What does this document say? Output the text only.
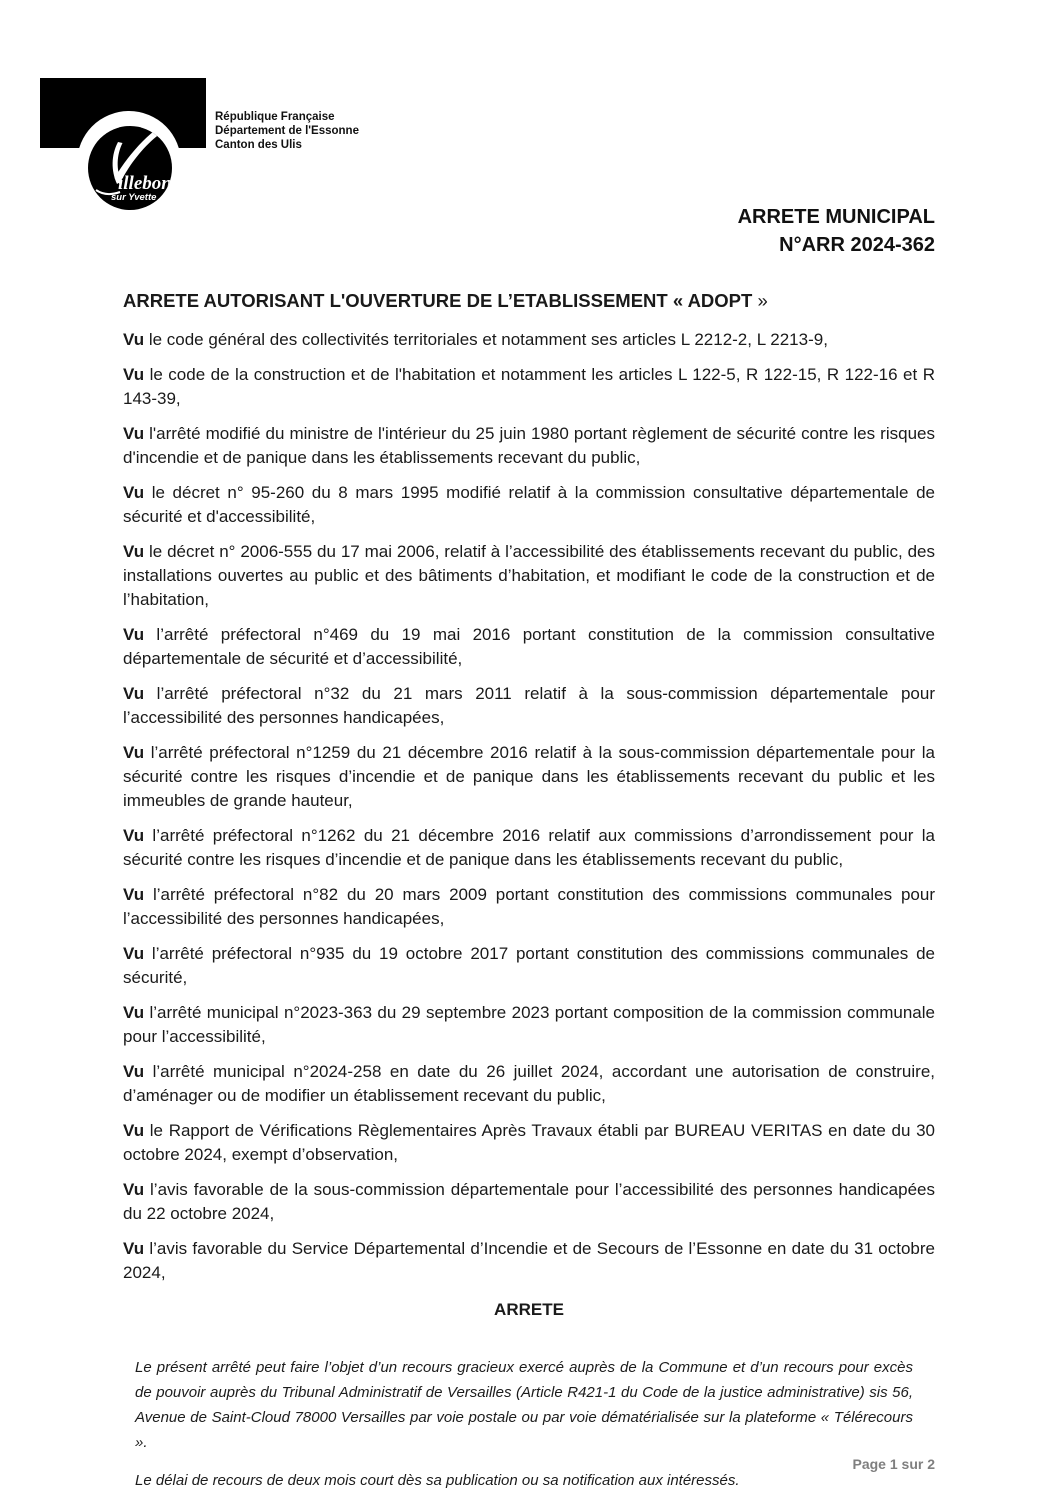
illebon
sur Yvette
République Française
Département de l'Essonne
Canton des Ulis
ARRETE MUNICIPAL
N°ARR 2024-362

ARRETE AUTORISANT L'OUVERTURE DE L’ETABLISSEMENT « ADOPT »

Vu le code général des collectivités territoriales et notamment ses articles L 2212-2, L 2213-9,

Vu le code de la construction et de l'habitation et notamment les articles L 122-5, R 122-15, R 122-16 et R 143-39,

Vu l'arrêté modifié du ministre de l'intérieur du 25 juin 1980 portant règlement de sécurité contre les risques d'incendie et de panique dans les établissements recevant du public,

Vu le décret n° 95-260 du 8 mars 1995 modifié relatif à la commission consultative départementale de sécurité et d'accessibilité,

Vu le décret n° 2006-555 du 17 mai 2006, relatif à l’accessibilité des établissements recevant du public, des installations ouvertes au public et des bâtiments d’habitation, et modifiant le code de la construction et de l’habitation,

Vu l’arrêté préfectoral n°469 du 19 mai 2016 portant constitution de la commission consultative départementale de sécurité et d’accessibilité,

Vu l’arrêté préfectoral n°32 du 21 mars 2011 relatif à la sous-commission départementale pour l’accessibilité des personnes handicapées,

Vu l’arrêté préfectoral n°1259 du 21 décembre 2016 relatif à la sous-commission départementale pour la sécurité contre les risques d’incendie et de panique dans les établissements recevant du public et les immeubles de grande hauteur,

Vu l’arrêté préfectoral n°1262 du 21 décembre 2016 relatif aux commissions d’arrondissement pour la sécurité contre les risques d’incendie et de panique dans les établissements recevant du public,

Vu l’arrêté préfectoral n°82 du 20 mars 2009 portant constitution des commissions communales pour l’accessibilité des personnes handicapées,

Vu l’arrêté préfectoral n°935 du 19 octobre 2017 portant constitution des commissions communales de sécurité,

Vu l’arrêté municipal n°2023-363 du 29 septembre 2023 portant composition de la commission communale pour l’accessibilité,

Vu l’arrêté municipal n°2024-258 en date du 26 juillet 2024, accordant une autorisation de construire, d’aménager ou de modifier un établissement recevant du public,

Vu le Rapport de Vérifications Règlementaires Après Travaux établi par BUREAU VERITAS en date du 30 octobre 2024, exempt d’observation,

Vu l’avis favorable de la sous-commission départementale pour l’accessibilité des personnes handicapées du 22 octobre 2024,

Vu l’avis favorable du Service Départemental d’Incendie et de Secours de l’Essonne en date du 31 octobre 2024,

ARRETE

Le présent arrêté peut faire l’objet d’un recours gracieux exercé auprès de la Commune et d’un recours pour excès de pouvoir auprès du Tribunal Administratif de Versailles (Article R421-1 du Code de la justice administrative) sis 56, Avenue de Saint-Cloud 78000 Versailles par voie postale ou par voie dématérialisée sur la plateforme « Télérecours ».

Le délai de recours de deux mois court dès sa publication ou sa notification aux intéressés.

Page 1 sur 2
